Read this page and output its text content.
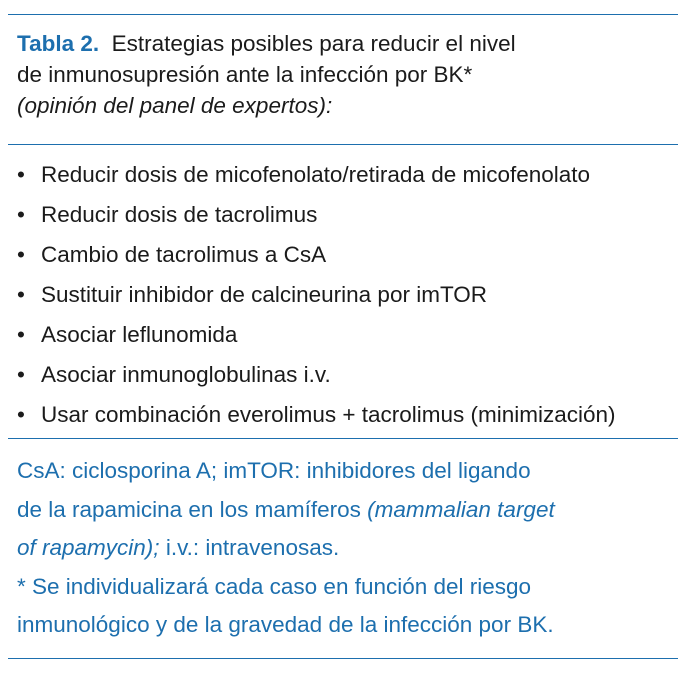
Tabla 2. Estrategias posibles para reducir el nivel
de inmunosupresión ante la infección por BK*
(opinión del panel de expertos):
• Reducir dosis de micofenolato/retirada de micofenolato
• Reducir dosis de tacrolimus
• Cambio de tacrolimus a CsA
• Sustituir inhibidor de calcineurina por imTOR
• Asociar leflunomida
• Asociar inmunoglobulinas i.v.
• Usar combinación everolimus + tacrolimus (minimización)
CsA: ciclosporina A; imTOR: inhibidores del ligando
de la rapamicina en los mamíferos (mammalian target
of rapamycin); i.v.: intravenosas.
* Se individualizará cada caso en función del riesgo
inmunológico y de la gravedad de la infección por BK.
